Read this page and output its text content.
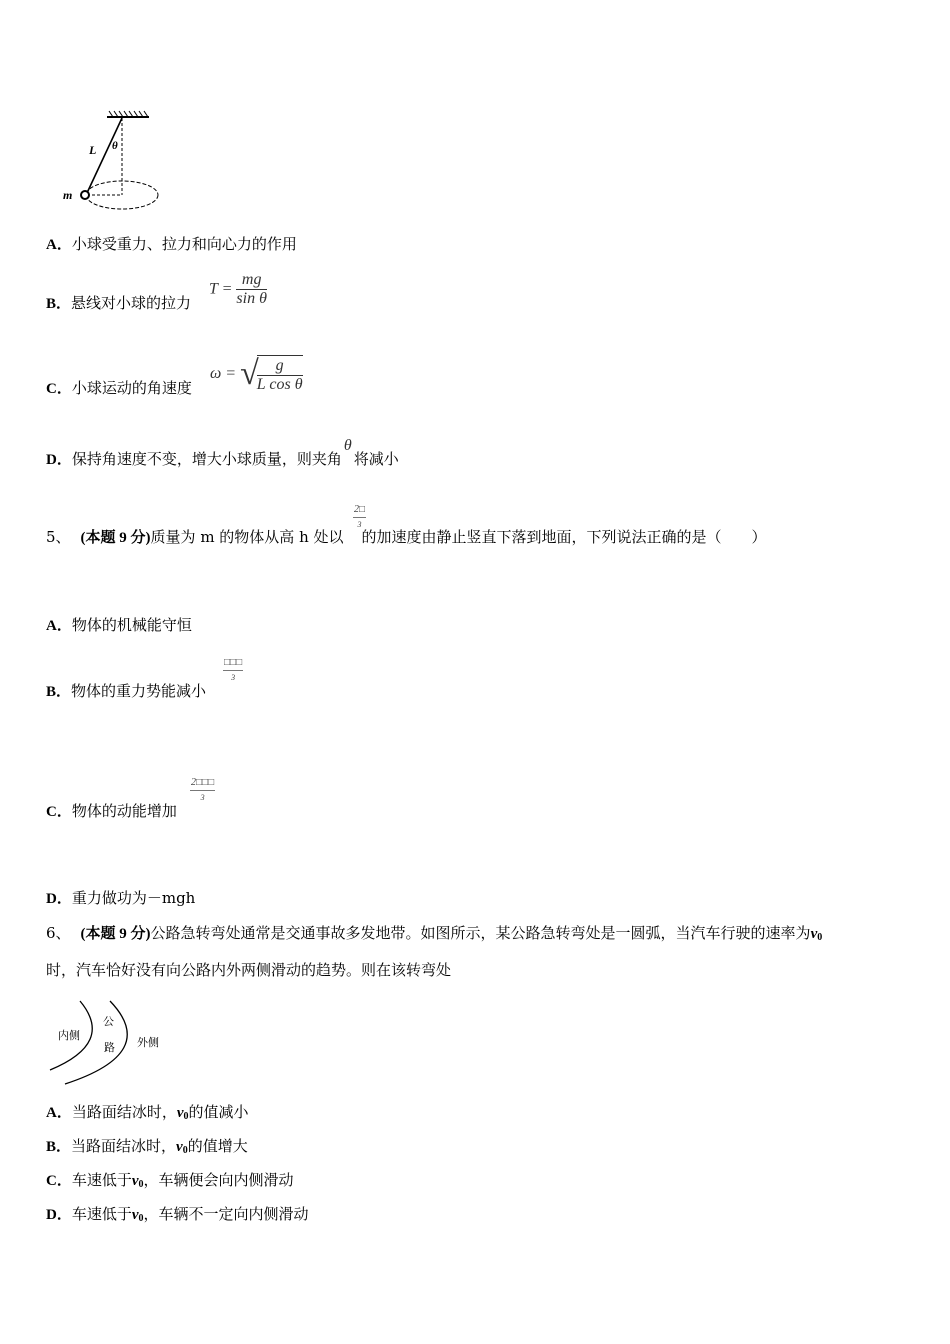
L θ
m
A．小球受重力、拉力和向心力的作用
B．悬线对小球的拉力
$T = \frac{mg}{\text{sin θ}}$
C．小球运动的角速度
ω = √
$\frac{g}{\text{L cos θ}}$
D．保持角速度不变，增大小球质量，则夹角θ将减小
5、 (本题 9 分)质量为 m 的物体从高 h 处以 的加速度由静止竖直下落到地面，下列说法正确的是（　　）
2□
3
A．物体的机械能守恒
B．物体的重力势能减小
□□□
3
C．物体的动能增加
2□□□
3
D．重力做功为－mgh
6、 (本题 9 分)公路急转弯处通常是交通事故多发地带。如图所示，某公路急转弯处是一圆弧，当汽车行驶的速率为$v_0$
时，汽车恰好没有向公路内外两侧滑动的趋势。则在该转弯处
内侧
公
路 外侧
A．当路面结冰时，$v_0$的值减小
B．当路面结冰时，$v_0$的值增大
C．车速低于$v_0$，车辆便会向内侧滑动
D．车速低于$v_0$，车辆不一定向内侧滑动
